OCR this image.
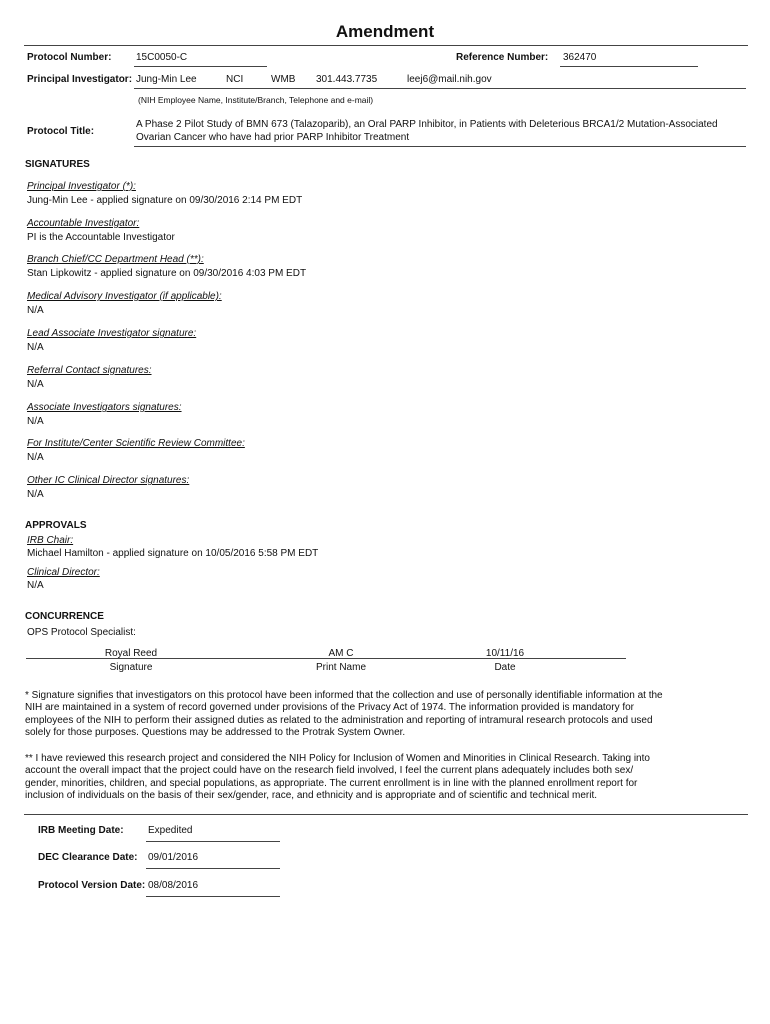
Amendment
Protocol Number: 15C0050-C	Reference Number: 362470
Principal Investigator: Jung-Min Lee	NCI	WMB 301.443.7735	leej6@mail.nih.gov
(NIH Employee Name, Institute/Branch, Telephone and e-mail)
Protocol Title:
A Phase 2 Pilot Study of BMN 673 (Talazoparib), an Oral PARP Inhibitor, in Patients with Deleterious BRCA1/2 Mutation-Associated
Ovarian Cancer who have had prior PARP Inhibitor Treatment
SIGNATURES
Principal Investigator (*):
Jung-Min Lee - applied signature on 09/30/2016 2:14 PM EDT
Accountable Investigator:
PI is the Accountable Investigator
Branch Chief/CC Department Head (**):
Stan Lipkowitz - applied signature on 09/30/2016 4:03 PM EDT
Medical Advisory Investigator (if applicable):
N/A
Lead Associate Investigator signature:
N/A
Referral Contact signatures:
N/A
Associate Investigators signatures:
N/A
For Institute/Center Scientific Review Committee:
N/A
Other IC Clinical Director signatures:
N/A
APPROVALS
IRB Chair:
Michael Hamilton - applied signature on 10/05/2016 5:58 PM EDT
Clinical Director:
N/A
CONCURRENCE
OPS Protocol Specialist:
Royal Reed	AM C	10/11/16
Signature	Print Name	Date
* Signature signifies that investigators on this protocol have been informed that the collection and use of personally identifiable information at the NIH are maintained in a system of record governed under provisions of the Privacy Act of 1974. The information provided is mandatory for employees of the NIH to perform their assigned duties as related to the administration and reporting of intramural research protocols and used solely for those purposes. Questions may be addressed to the Protrak System Owner.
** I have reviewed this research project and considered the NIH Policy for Inclusion of Women and Minorities in Clinical Research. Taking into account the overall impact that the project could have on the research field involved, I feel the current plans adequately includes both sex/ gender, minorities, children, and special populations, as appropriate. The current enrollment is in line with the planned enrollment report for inclusion of individuals on the basis of their sex/gender, race, and ethnicity and is appropriate and of scientific and technical merit.
IRB Meeting Date: Expedited
DEC Clearance Date: 09/01/2016
Protocol Version Date: 08/08/2016
